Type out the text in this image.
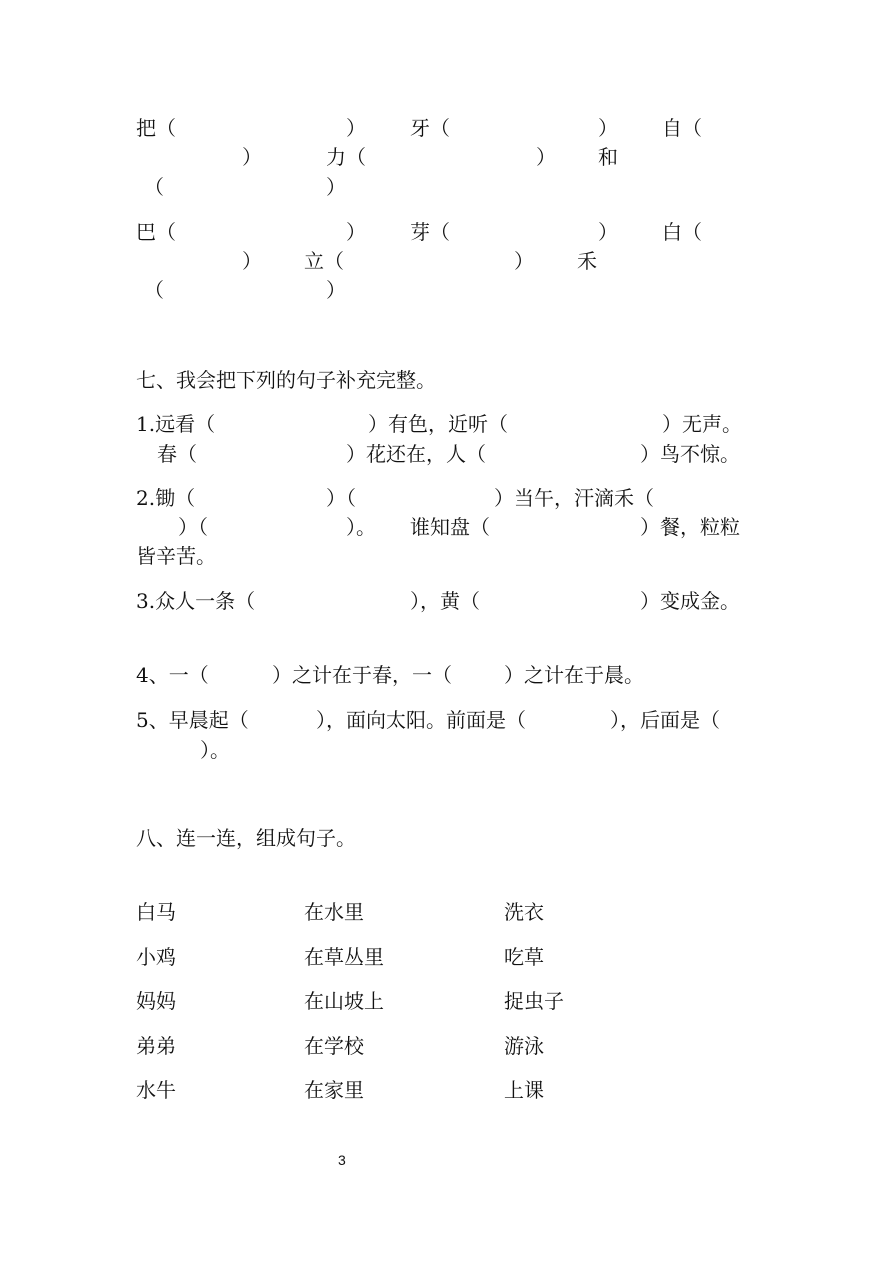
把（	） 牙（	） 自（
）	力（	） 和
（	）
巴（	） 芽（	） 白（
） 立（	） 禾
（	）
七、我会把下列的句子补充完整。
1.远看（	）有色，近听（	）无声。
春（	）花还在，人（	）鸟不惊。
2.锄（	）（	）当午，汗滴禾（
）（	）。 谁知盘（	）餐，粒粒
皆辛苦。
3.众人一条（	），黄（	）变成金。
4、一（	）之计在于春，一（	）之计在于晨。
5、早晨起（	），面向太阳。前面是（	），后面是（
）。
八、连一连，组成句子。
白马	在水里	洗衣
小鸡	在草丛里	吃草
妈妈	在山坡上	捉虫子
弟弟	在学校	游泳
水牛	在家里	上课
3
